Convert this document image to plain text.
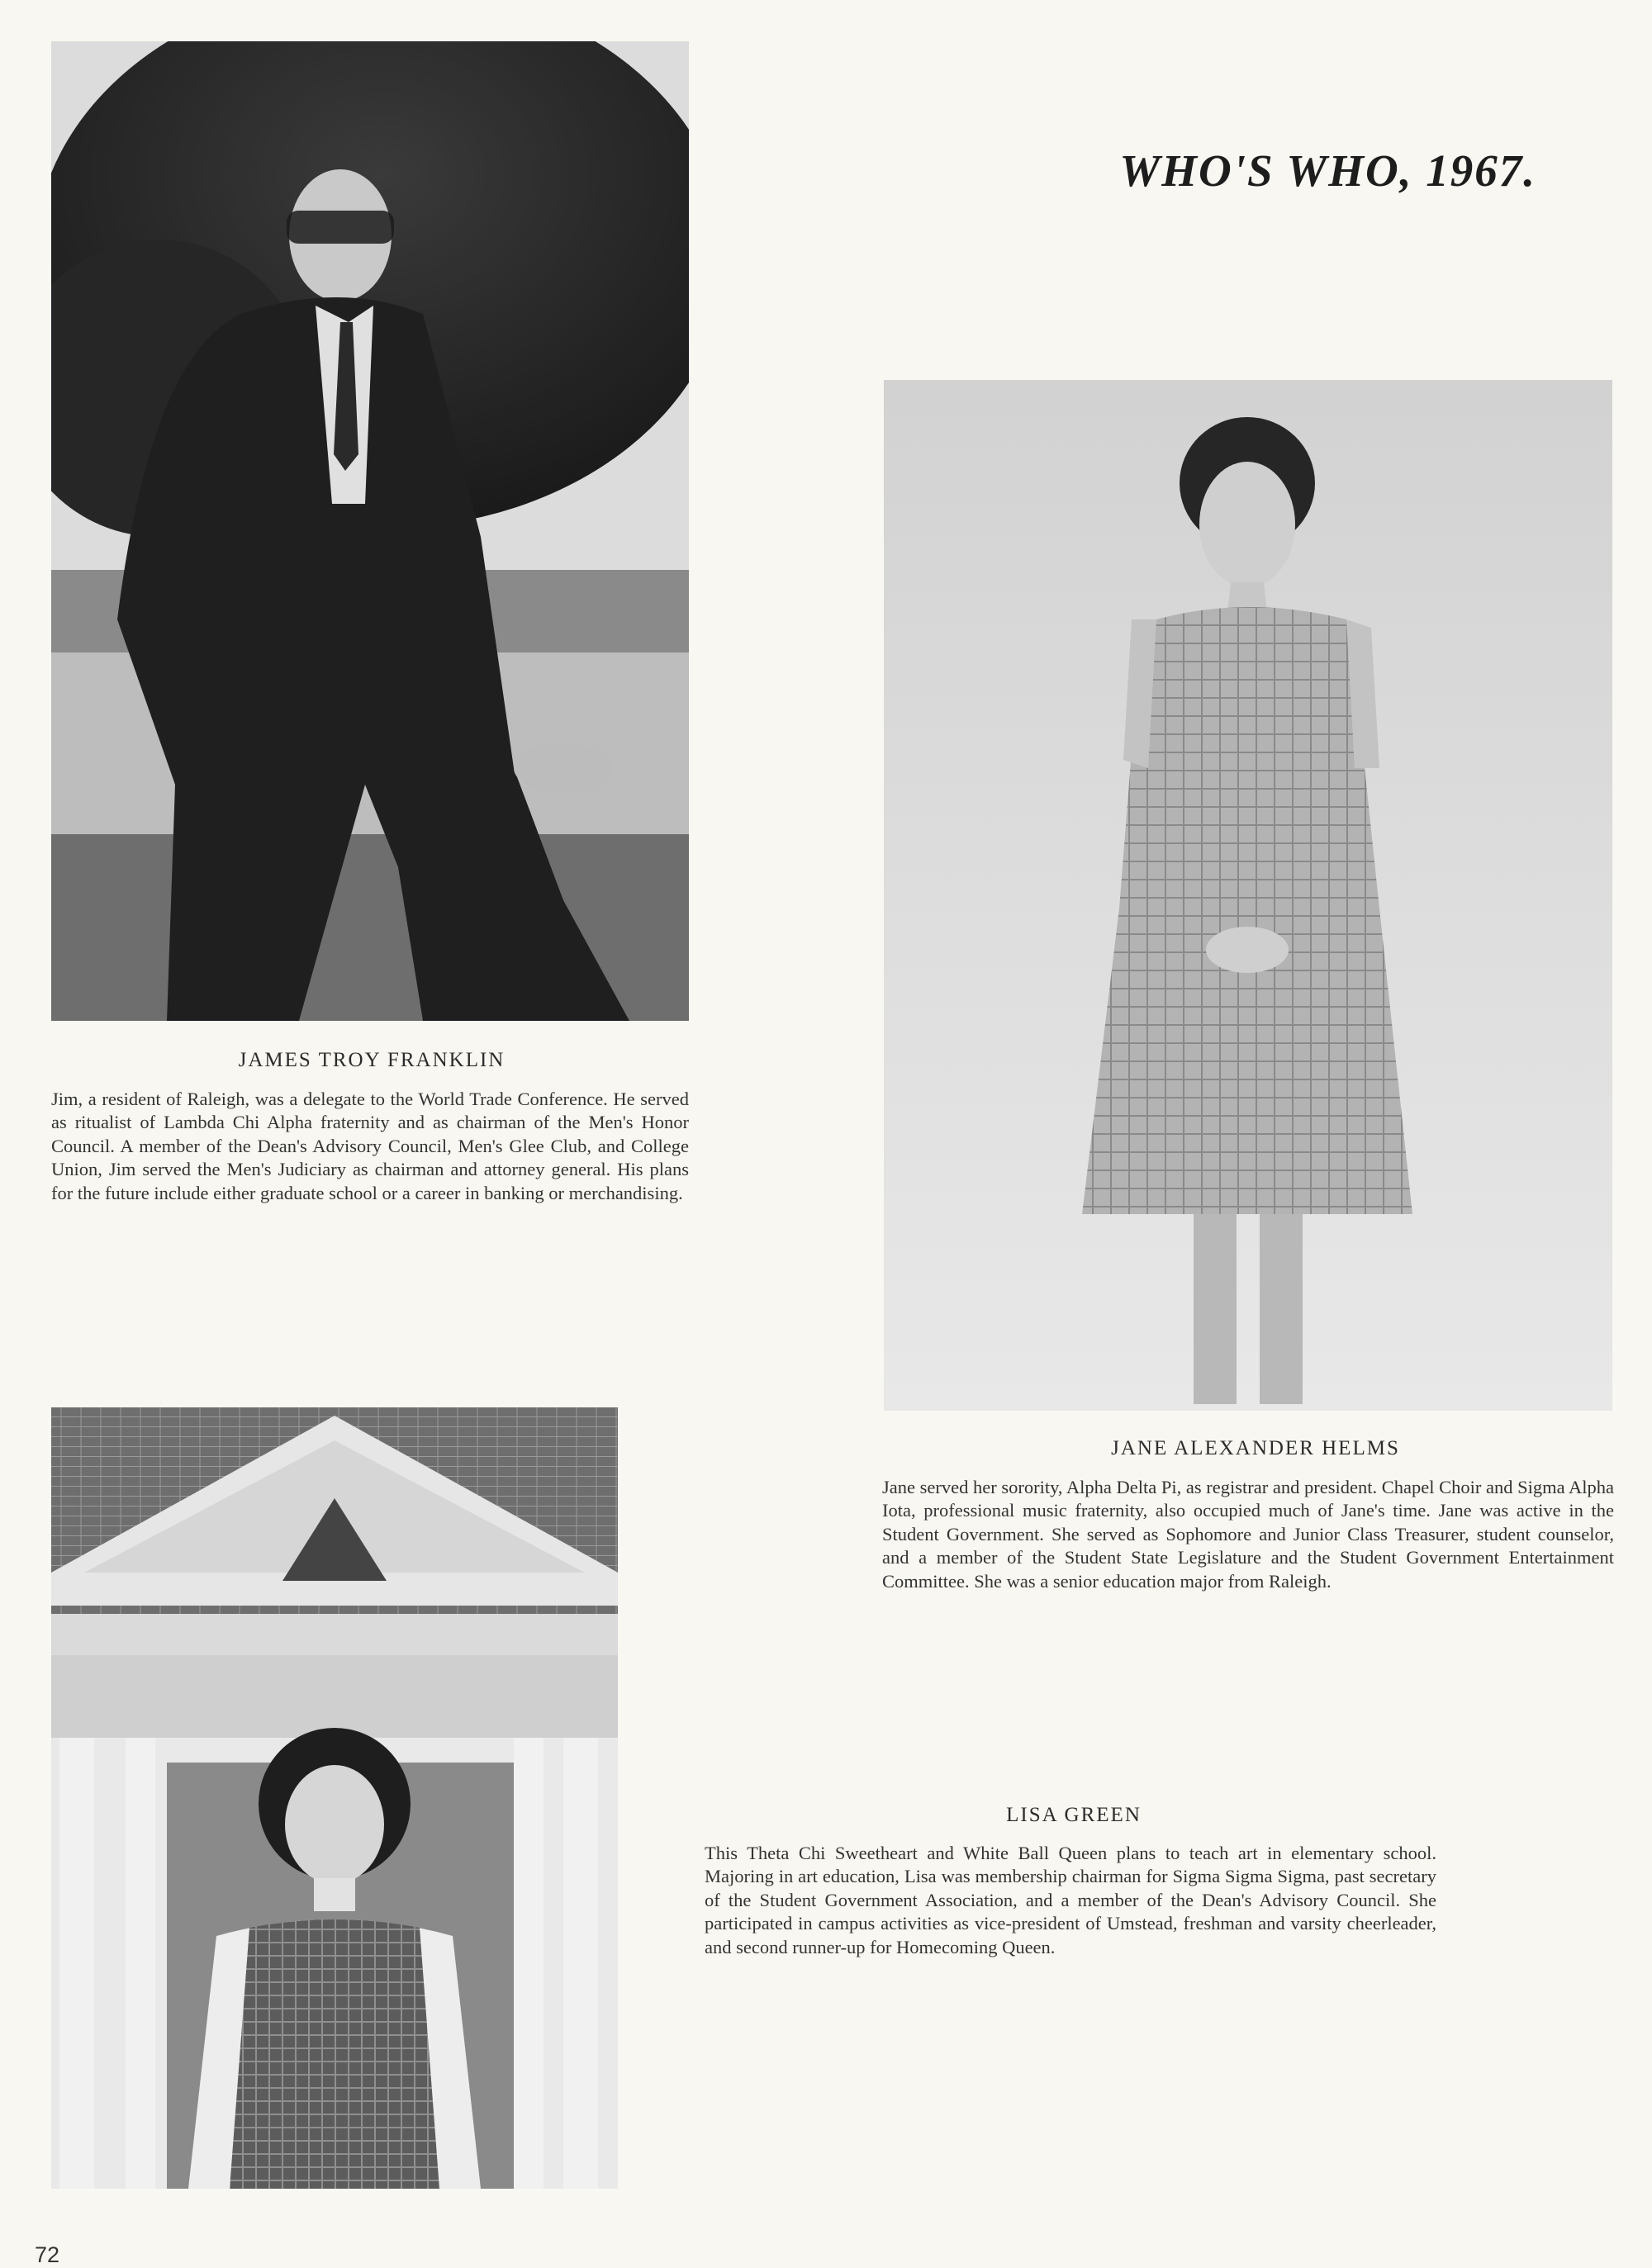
WHO'S WHO, 1967.
JAMES TROY FRANKLIN
Jim, a resident of Raleigh, was a delegate to the World Trade Conference. He served as ritualist of Lambda Chi Alpha fraternity and as chairman of the Men's Honor Council. A member of the Dean's Advisory Council, Men's Glee Club, and College Union, Jim served the Men's Judiciary as chairman and attorney general. His plans for the future include either graduate school or a career in banking or merchandising.
JANE ALEXANDER HELMS
Jane served her sorority, Alpha Delta Pi, as registrar and president. Chapel Choir and Sigma Alpha Iota, professional music fraternity, also occupied much of Jane's time. Jane was active in the Student Government. She served as Sophomore and Junior Class Treasurer, student counselor, and a member of the Student State Legislature and the Student Government Entertainment Committee. She was a senior education major from Raleigh.
LISA GREEN
This Theta Chi Sweetheart and White Ball Queen plans to teach art in elementary school. Majoring in art education, Lisa was membership chairman for Sigma Sigma Sigma, past secretary of the Student Government Association, and a member of the Dean's Advisory Council. She participated in campus activities as vice-president of Umstead, freshman and varsity cheerleader, and second runner-up for Homecoming Queen.
72
